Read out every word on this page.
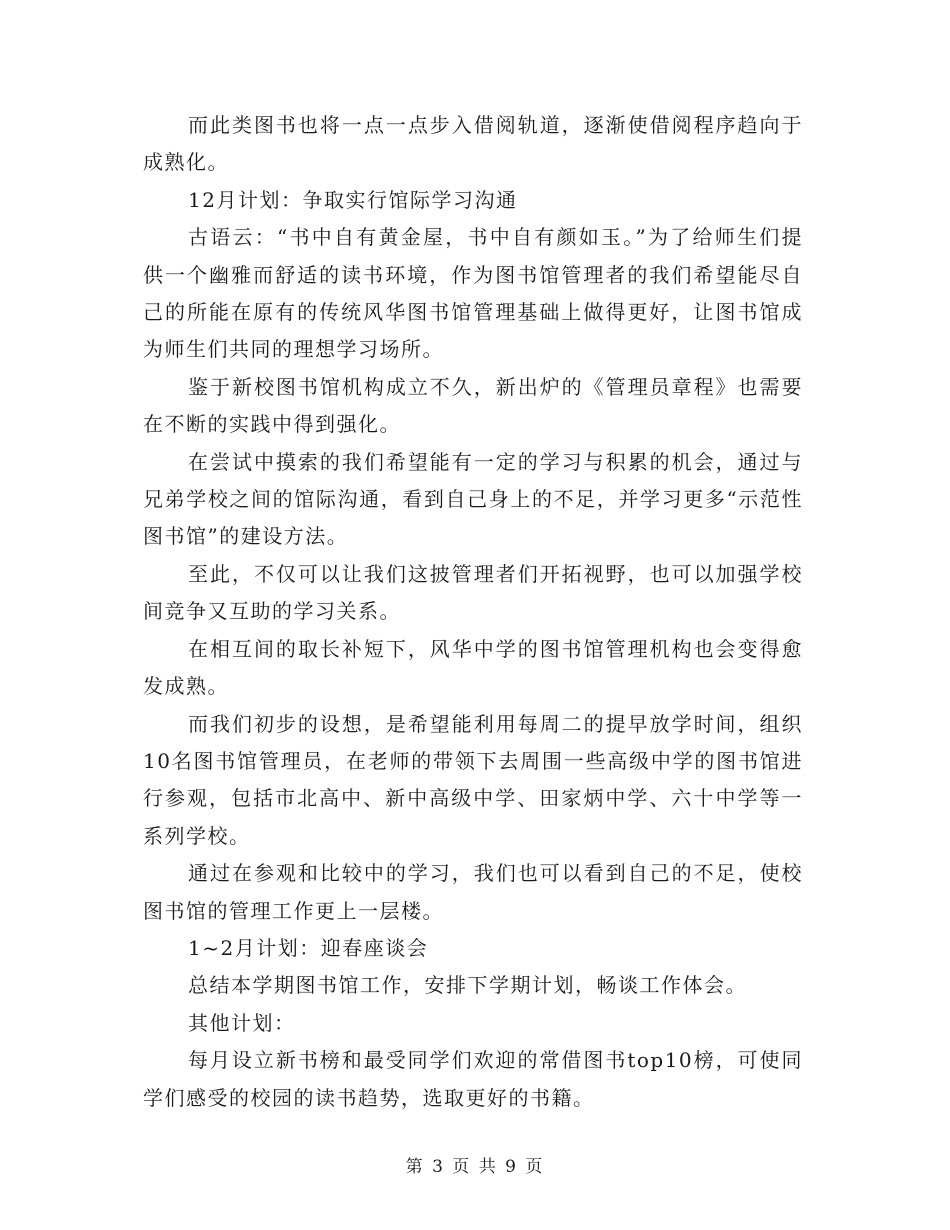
而此类图书也将一点一点步入借阅轨道，逐渐使借阅程序趋向于成熟化。

12月计划：争取实行馆际学习沟通

古语云：“书中自有黄金屋，书中自有颜如玉。”为了给师生们提供一个幽雅而舒适的读书环境，作为图书馆管理者的我们希望能尽自己的所能在原有的传统风华图书馆管理基础上做得更好，让图书馆成为师生们共同的理想学习场所。

鉴于新校图书馆机构成立不久，新出炉的《管理员章程》也需要在不断的实践中得到强化。

在尝试中摸索的我们希望能有一定的学习与积累的机会，通过与兄弟学校之间的馆际沟通，看到自己身上的不足，并学习更多“示范性图书馆”的建设方法。

至此，不仅可以让我们这披管理者们开拓视野，也可以加强学校间竞争又互助的学习关系。

在相互间的取长补短下，风华中学的图书馆管理机构也会变得愈发成熟。

而我们初步的设想，是希望能利用每周二的提早放学时间，组织10名图书馆管理员，在老师的带领下去周围一些高级中学的图书馆进行参观，包括市北高中、新中高级中学、田家炳中学、六十中学等一系列学校。

通过在参观和比较中的学习，我们也可以看到自己的不足，使校图书馆的管理工作更上一层楼。

1~2月计划：迎春座谈会

总结本学期图书馆工作，安排下学期计划，畅谈工作体会。

其他计划：

每月设立新书榜和最受同学们欢迎的常借图书top10榜，可使同学们感受的校园的读书趋势，选取更好的书籍。

第 3 页 共 9 页
